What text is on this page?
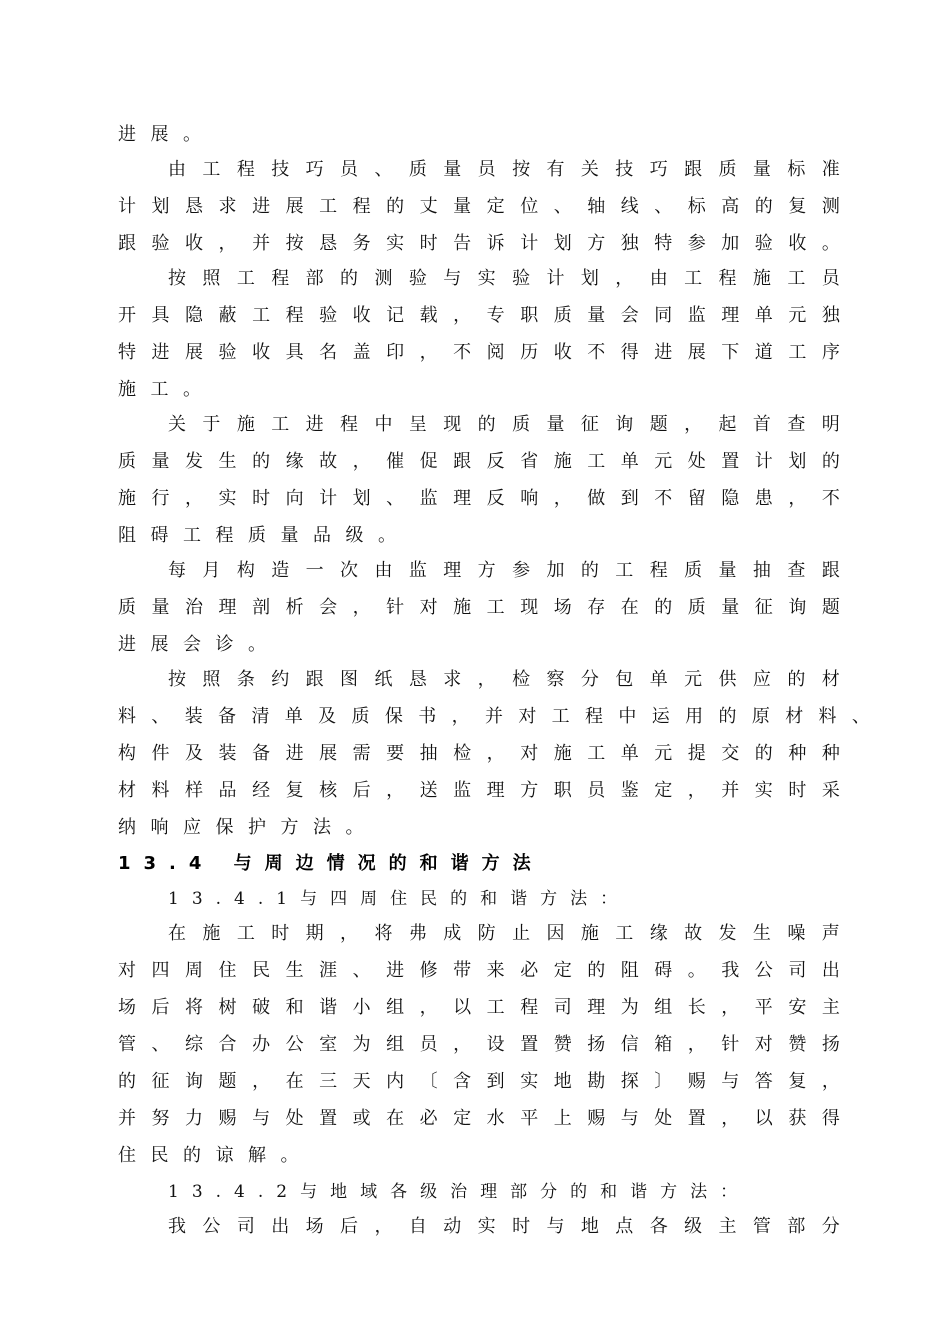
进 展 。
由 工 程 技 巧 员 、 质 量 员 按 有 关 技 巧 跟 质 量 标 准
计 划 恳 求 进 展 工 程 的 丈 量 定 位 、 轴 线 、 标 高 的 复 测
跟 验 收 ， 并 按 恳 务 实 时 告 诉 计 划 方 独 特 参 加 验 收 。
按 照 工 程 部 的 测 验 与 实 验 计 划 ， 由 工 程 施 工 员
开 具 隐 蔽 工 程 验 收 记 载 ， 专 职 质 量 会 同 监 理 单 元 独
特 进 展 验 收 具 名 盖 印 ， 不 阅 历 收 不 得 进 展 下 道 工 序
施 工 。
关 于 施 工 进 程 中 呈 现 的 质 量 征 询 题 ， 起 首 查 明
质 量 发 生 的 缘 故 ， 催 促 跟 反 省 施 工 单 元 处 置 计 划 的
施 行 ， 实 时 向 计 划 、 监 理 反 响 ， 做 到 不 留 隐 患 ， 不
阻 碍 工 程 质 量 品 级 。
每 月 构 造 一 次 由 监 理 方 参 加 的 工 程 质 量 抽 查 跟
质 量 治 理 剖 析 会 ， 针 对 施 工 现 场 存 在 的 质 量 征 询 题
进 展 会 诊 。
按 照 条 约 跟 图 纸 恳 求 ， 检 察 分 包 单 元 供 应 的 材
料 、 装 备 清 单 及 质 保 书 ， 并 对 工 程 中 运 用 的 原 材 料 、
构 件 及 装 备 进 展 需 要 抽 检 ， 对 施 工 单 元 提 交 的 种 种
材 料 样 品 经 复 核 后 ， 送 监 理 方 职 员 鉴 定 ， 并 实 时 采
纳 响 应 保 护 方 法 。
13.4 与周边情况的和谐方法
13.4.1与四周住民的和谐方法：
在 施 工 时 期 ， 将 弗 成 防 止 因 施 工 缘 故 发 生 噪 声
对 四 周 住 民 生 涯 、 进 修 带 来 必 定 的 阻 碍 。 我 公 司 出
场 后 将 树 破 和 谐 小 组 ， 以 工 程 司 理 为 组 长 ， 平 安 主
管 、 综 合 办 公 室 为 组 员 ， 设 置 赞 扬 信 箱 ， 针 对 赞 扬
的 征 询 题 ， 在 三 天 内 〔 含 到 实 地 勘 探 〕 赐 与 答 复 ，
并 努 力 赐 与 处 置 或 在 必 定 水 平 上 赐 与 处 置 ， 以 获 得
住 民 的 谅 解 。
13.4.2与地域各级治理部分的和谐方法：
我 公 司 出 场 后 ， 自 动 实 时 与 地 点 各 级 主 管 部 分
